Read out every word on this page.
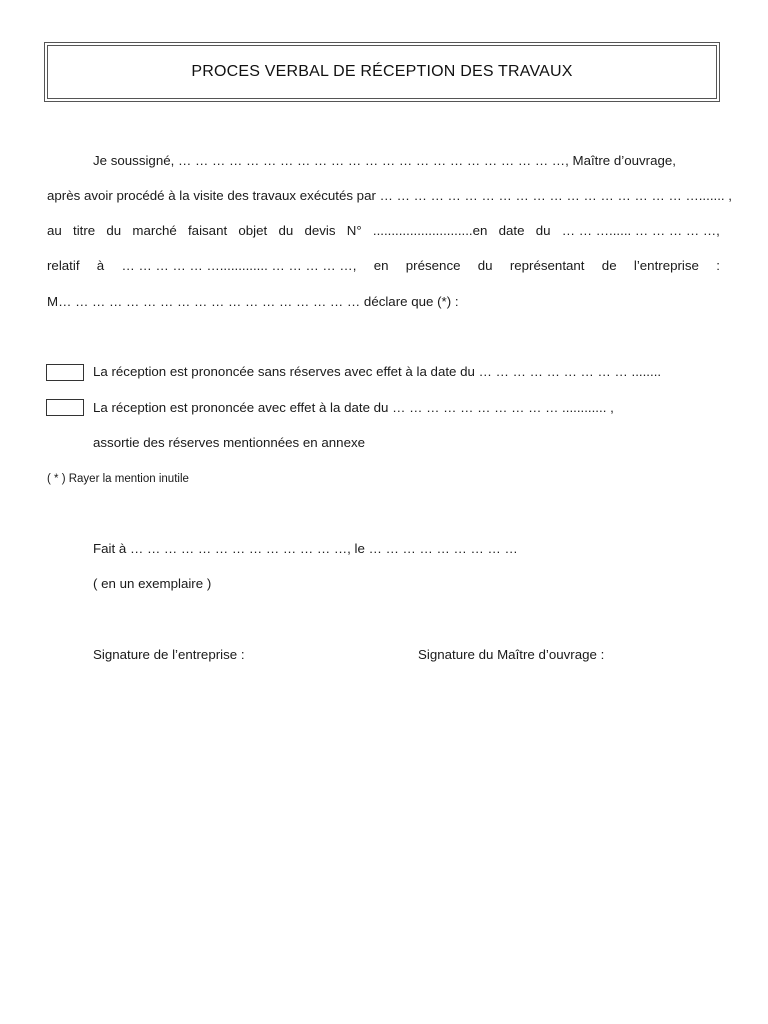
PROCES VERBAL DE RÉCEPTION DES TRAVAUX
Je soussigné, … … … … … … … … … … … … … … … … … … … … … … …, Maître d’ouvrage,
après avoir procédé à la visite des travaux exécutés par … … … … … … … … … … … … … … … … … … …....... ,
au titre du marché faisant objet du devis N° ...........................en date du … … …...... … … … … …,
relatif à … … … … … …............. … … … … …, en présence du représentant de l’entreprise :
M… … … … … … … … … … … … … … … … … … déclare que (*) :
La réception est prononcée sans réserves avec effet à la date du … … … … … … … … … ........
La réception est prononcée avec effet à la date du … … … … … … … … … … ............ ,
assortie des réserves mentionnées en annexe
( * ) Rayer la mention inutile
Fait à … … … … … … … … … … … … …, le … … … … … … … … …
( en un exemplaire )
Signature de l’entreprise :	Signature du Maître d’ouvrage :
